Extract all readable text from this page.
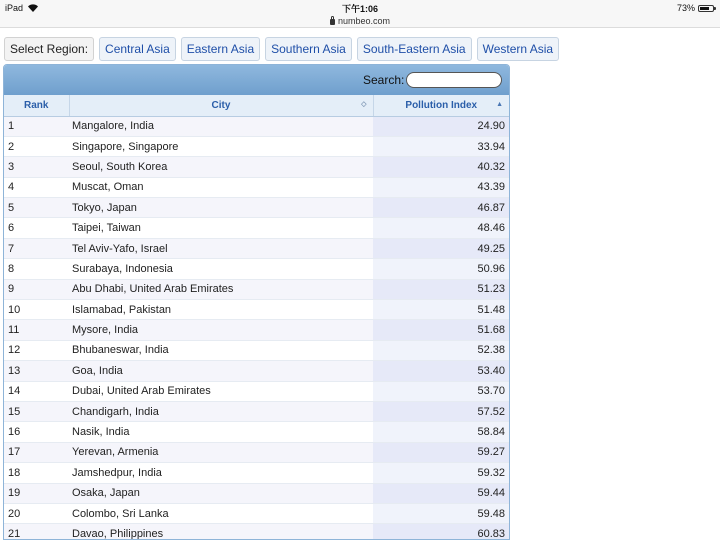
iPad	下午1:06
numbeo.com
73%
Select Region:	Central Asia	Eastern Asia	Southern Asia	South-Eastern Asia	Western Asia
Search:
Rank	City ◇	Pollution Index ▲

1	Mangalore, India	24.90
2	Singapore, Singapore	33.94
3	Seoul, South Korea	40.32
4	Muscat, Oman	43.39
5	Tokyo, Japan	46.87
6	Taipei, Taiwan	48.46
7	Tel Aviv-Yafo, Israel	49.25
8	Surabaya, Indonesia	50.96
9	Abu Dhabi, United Arab Emirates	51.23
10	Islamabad, Pakistan	51.48
11	Mysore, India	51.68
12	Bhubaneswar, India	52.38
13	Goa, India	53.40
14	Dubai, United Arab Emirates	53.70
15	Chandigarh, India	57.52
16	Nasik, India	58.84
17	Yerevan, Armenia	59.27
18	Jamshedpur, India	59.32
19	Osaka, Japan	59.44
20	Colombo, Sri Lanka	59.48
21	Davao, Philippines	60.83
